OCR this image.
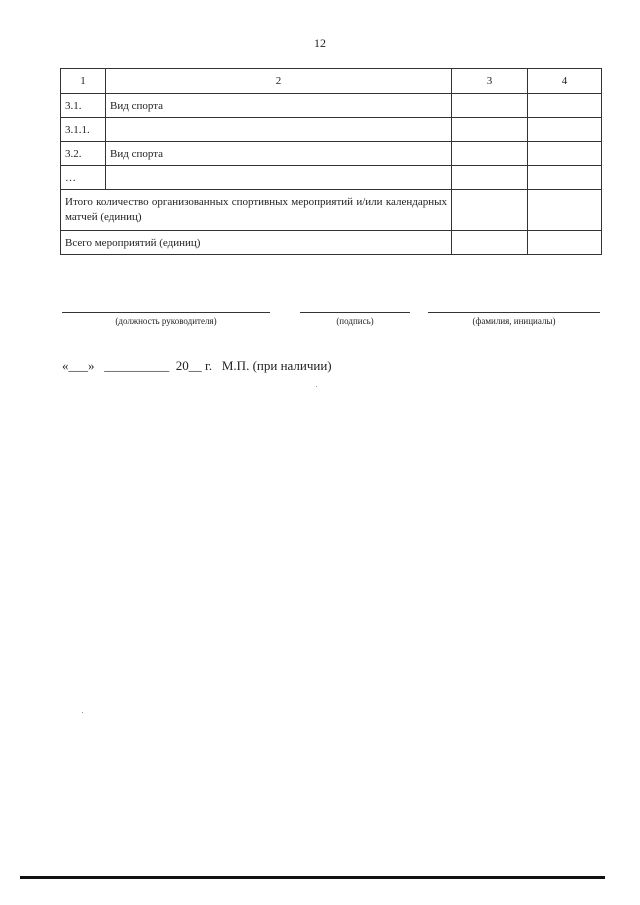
12
1	2	3	4
3.1.	Вид спорта		
3.1.1.			
3.2.	Вид спорта		
…			
Итого количество организованных спортивных мероприятий и/или календарных матчей (единиц)			
Всего мероприятий (единиц)			
(должность руководителя)	(подпись)	(фамилия, инициалы)
«___» __________ 20__ г. М.П. (при наличии)
